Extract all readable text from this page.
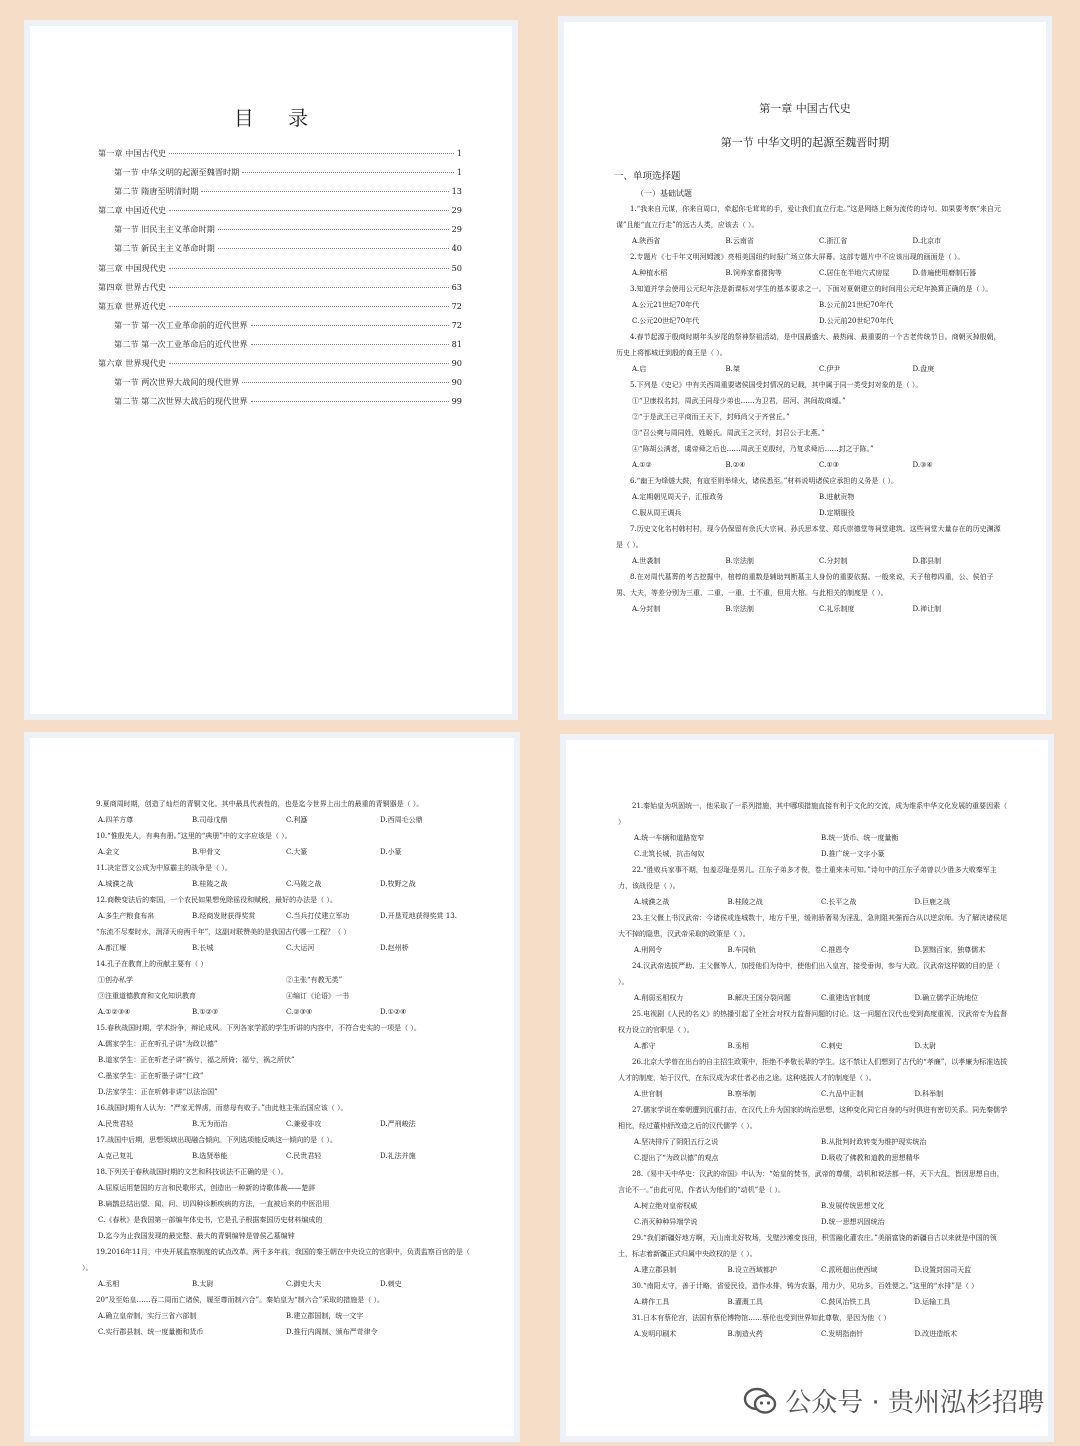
目 录
第一章 中国古代史	1
第一节 中华文明的起源至魏晋时期	1
第二节 隋唐至明清时期	13
第二章 中国近代史	29
第一节 旧民主主义革命时期	29
第二节 新民主主义革命时期	40
第三章 中国现代史	50
第四章 世界古代史	63
第五章 世界近代史	72
第一节 第一次工业革命前的近代世界	72
第二节 第一次工业革命后的近代世界	81
第六章 世界现代史	90
第一节 两次世界大战间的现代世界	90
第二节 第二次世界大战后的现代世界	99
第一章 中国古代史
第一节 中华文明的起源至魏晋时期
一、单项选择题
（一）基础试题

1.“我来自元谋，你来自周口，牵起你毛茸茸的手，爱让我们直立行走。”这是网络上颇为流传的诗句。如果要考察“来自元谋”且能“直立行走”的远古人类，应该去（ ）。

A.陕西省	B.云南省	C.浙江省	D.北京市

2.专题片《七千年文明河姆渡》亮相美国纽约时报广场立体大屏幕。这部专题片中不应该出现的画面是（ ）。

A.种植水稻	B.饲养家畜猪狗等	C.居住在半地穴式房屋	D.普遍使用磨制石器

3.知道并学会使用公元纪年法是新课标对学生的基本要求之一。下面对夏朝建立的时间用公元纪年换算正确的是（ ）。

A.公元21世纪70年代	B.公元前21世纪70年代
C.公元20世纪70年代	D.公元前20世纪70年代

4.春节起源于殷商时期年头岁尾的祭神祭祖活动，是中国最盛大、最热闹、最重要的一个古老传统节日。商朝灭掉殷朝，历史上将都城迁到殷的商王是（ ）。

A.启	B.桀	C.伊尹	D.盘庚

5.下列是《史记》中有关西周重要诸侯国受封情况的记载，其中属于同一类受封对象的是（ ）。

①“卫康叔名封，周武王同母少弟也……为卫君，居河、淇间故商墟。”

②“于是武王已平商而王天下，封师尚父于齐营丘。”

③“召公奭与周同姓，姓姬氏。周武王之灭纣，封召公于北燕。”

④“陈胡公满者，虞帝舜之后也……周武王克殷纣，乃复求舜后……封之于陈。”

A.①②	B.②④	C.①③	D.③④

6.“幽王为烽燧大鼓，有寇至则举烽火，诸侯悉至。”材料说明诸侯应承担的义务是（ ）。

A.定期朝见周天子，汇报政务	B.进献贡物
C.服从周王调兵	D.定期服役

7.历史文化名村韩村村，现今仍保留有余氏大宗祠、孙氏思本堂、郑氏崇德堂等祠堂建筑。这些祠堂大量存在的历史渊源是（ ）。

A.世袭制	B.宗法制	C.分封制	D.郡县制

8.在对周代墓葬的考古挖掘中，棺椁的重数是辅助判断墓主人身份的重要依据。一般来说，天子棺椁四重，公、侯伯子男、大夫，等差分别为三重、二重、一重、士不重，但用大棺。与此相关的制度是（ ）。

A.分封制	B.宗法制	C.礼乐制度	D.禅让制

9.夏商周时期，创造了灿烂的青铜文化。其中最具代表性的，也是迄今世界上出土的最重的青铜器是（ ）。

A.四羊方尊	B.司母戊鼎	C.利簋	D.西周毛公鼎

10.“惟殷先人，有典有册。”这里的“典册”中的文字应该是（ ）。

A.金文	B.甲骨文	C.大篆	D.小篆

11.决定晋文公成为中原霸主的战争是（ ）。

A.城濮之战	B.桂陵之战	C.马陵之战	D.牧野之战

12.商鞅变法后的秦国，一个农民如果想免除徭役和赋税，最好的办法是（ ）。

A.多生产粮食布帛	B.经商发财获得奖赏	C.当兵打仗建立军功	D.开垦荒地获得奖赏 13.

“东流不尽秦时水，润泽天府两千年”，这副对联赞美的是我国古代哪一工程？（ ）

A.都江堰	B.长城	C.大运河	D.赵州桥

14.孔子在教育上的贡献主要有（ ）

①创办私学	②主张“有教无类”
③注重道德教育和文化知识教育	④编订《论语》一书
A.①②③④	B.①②③	C.②③④	D.①②④

15.春秋战国时期，学术纷争，辩论成风。下列各家学派的学生听讲的内容中，不符合史实的一项是（ ）。

A.儒家学生：正在听孔子讲“为政以德”

B.道家学生：正在听老子讲“祸兮，福之所倚；福兮，祸之所伏”

C.墨家学生：正在听墨子讲“仁政”

D.法家学生：正在听韩非讲“以法治国”

16.战国时期有人认为：“严家无悍虏，而慈母有败子。”由此他主张治国应该（ ）。

A.民贵君轻	B.无为而治	C.兼爱非攻	D.严刑峻法

17.战国中后期，思想领域出现融合倾向。下列选项能反映这一倾向的是（ ）。

A.克己复礼	B.选贤举能	C.民贵君轻	D.礼法并施

18.下列关于春秋战国时期的文艺和科技说法不正确的是（ ）。

A.屈原运用楚国的方言和民歌形式，创造出一种新的诗歌体裁——楚辞

B.扁鹊总结出望、闻、问、切四种诊断疾病的方法，一直被后来的中医沿用

C.《春秋》是我国第一部编年体史书，它是孔子根据秦国历史材料编成的

D.迄今为止我国发现的最完整、最大的青铜编钟是曾侯乙墓编钟

19.2016年11月，中央开展监察制度的试点改革。两千多年前，我国的秦王朝在中央设立的官职中，负责监察百官的是（ ）。

A.丞相	B.太尉	C.御史大夫	D.刺史

20“及至始皇……吞二周而亡诸侯，履至尊而制六合”。秦始皇为“制六合”采取的措施是（ ）。

A.确立皇帝制，实行三省六部制	B.建立郡国制，统一文字
C.实行郡县制、统一度量衡和货币	D.推行内阁制、颁布严苛律令

21.秦始皇为巩固统一，他采取了一系列措施，其中哪项措施直接有利于文化的交流，成为维系中华文化发展的重要因素（ ）

A.统一车辆和道路宽窄	B.统一货币、统一度量衡
C.北筑长城，抗击匈奴	D.推广统一文字小篆

22.“胜败兵家事不期，包羞忍耻是男儿。江东子弟多才俊，卷土重来未可知。”诗句中的江东子弟曾以少胜多大败秦军主力，该战役是（ ）。

A.城濮之战	B.桂陵之战	C.长平之战	D.巨鹿之战

23.主父偃上书汉武帝：今诸侯或连城数十，地方千里，缓则骄奢易为淫乱，急则阻其强而合从以逆京师。为了解决诸侯尾大不掉的隐患，汉武帝采取的政策是（ ）。

A.刑网令	B.车同轨	C.推恩令	D.罢黜百家，独尊儒术

24.汉武帝选拔严助、主父偃等人，加授他们为侍中，使他们出入皇宫，接受垂询，参与大政。汉武帝这样做的目的是（ ）。

A.削弱丞相权力	B.解决王国分裂问题	C.重建选官制度	D.确立儒学正统地位

25.电视剧《人民的名义》的热播引起了全社会对权力监督问题的讨论。这一问题在汉代也受到高度重视，汉武帝专为监督权力设立的官职是（ ）。

A.都守	B.丞相	C.刺史	D.太尉

26.北京大学曾在出台的自主招生政策中，拒绝不孝敬长辈的学生。这不禁让人们想到了古代的“孝廉”，以孝廉为标准选拔人才的制度，始于汉代，在东汉成为求仕者必由之途。这种选拔人才的制度是（ ）。

A.世官制	B.察举制	C.九品中正制	D.科举制

27.儒家学说在秦朝遭到沉重打击，在汉代上升为国家的统治思想，这种变化同它自身的与时俱进有密切关系。同先秦儒学相比，经过董仲舒改造之后的汉代儒学（ ）。

A.坚决排斥了阴阳五行之说	B.从批判时政转变为维护现实统治
C.提出了“为政以德”的观点	D.吸收了佛教和道教的思想精华

28.《易中天中华史：汉武的帝国》中认为：“始皇的焚书，武帝的尊儒，动机和说法都一样，天下大乱，皆因思想自由，言论不一。”由此可见，作者认为他们的“动机”是（ ）。

A.树立绝对皇帝权威	B.发展传统思想文化
C.消灭种种异端学说	D.统一思想巩固统治

29.“我们新疆好地方啊，天山南北好牧场，戈壁沙滩变良田，积雪融化灌农庄。”美丽富饶的新疆自古以来就是中国的领土，标志着新疆正式归属中央政权的是（ ）。

A.建立郡县制	B.设立西域都护	C.派班超出使西域	D.设置封国司天监

30.“南阳太守，善于计略，省爱民役，造作水排，铸为农器，用力少，见功多，百姓便之。”这里的“水排”是（ ）

A.耕作工具	B.灌溉工具	C.鼓风冶铁工具	D.运输工具

31.日本有蔡伦宫，法国有蔡伦博物馆……蔡伦也受到世界如此尊敬，是因为他（ ）

A.发明印刷术	B.制造火药	C.发明指南针	D.改进造纸术
公众号 · 贵州泓杉招聘
